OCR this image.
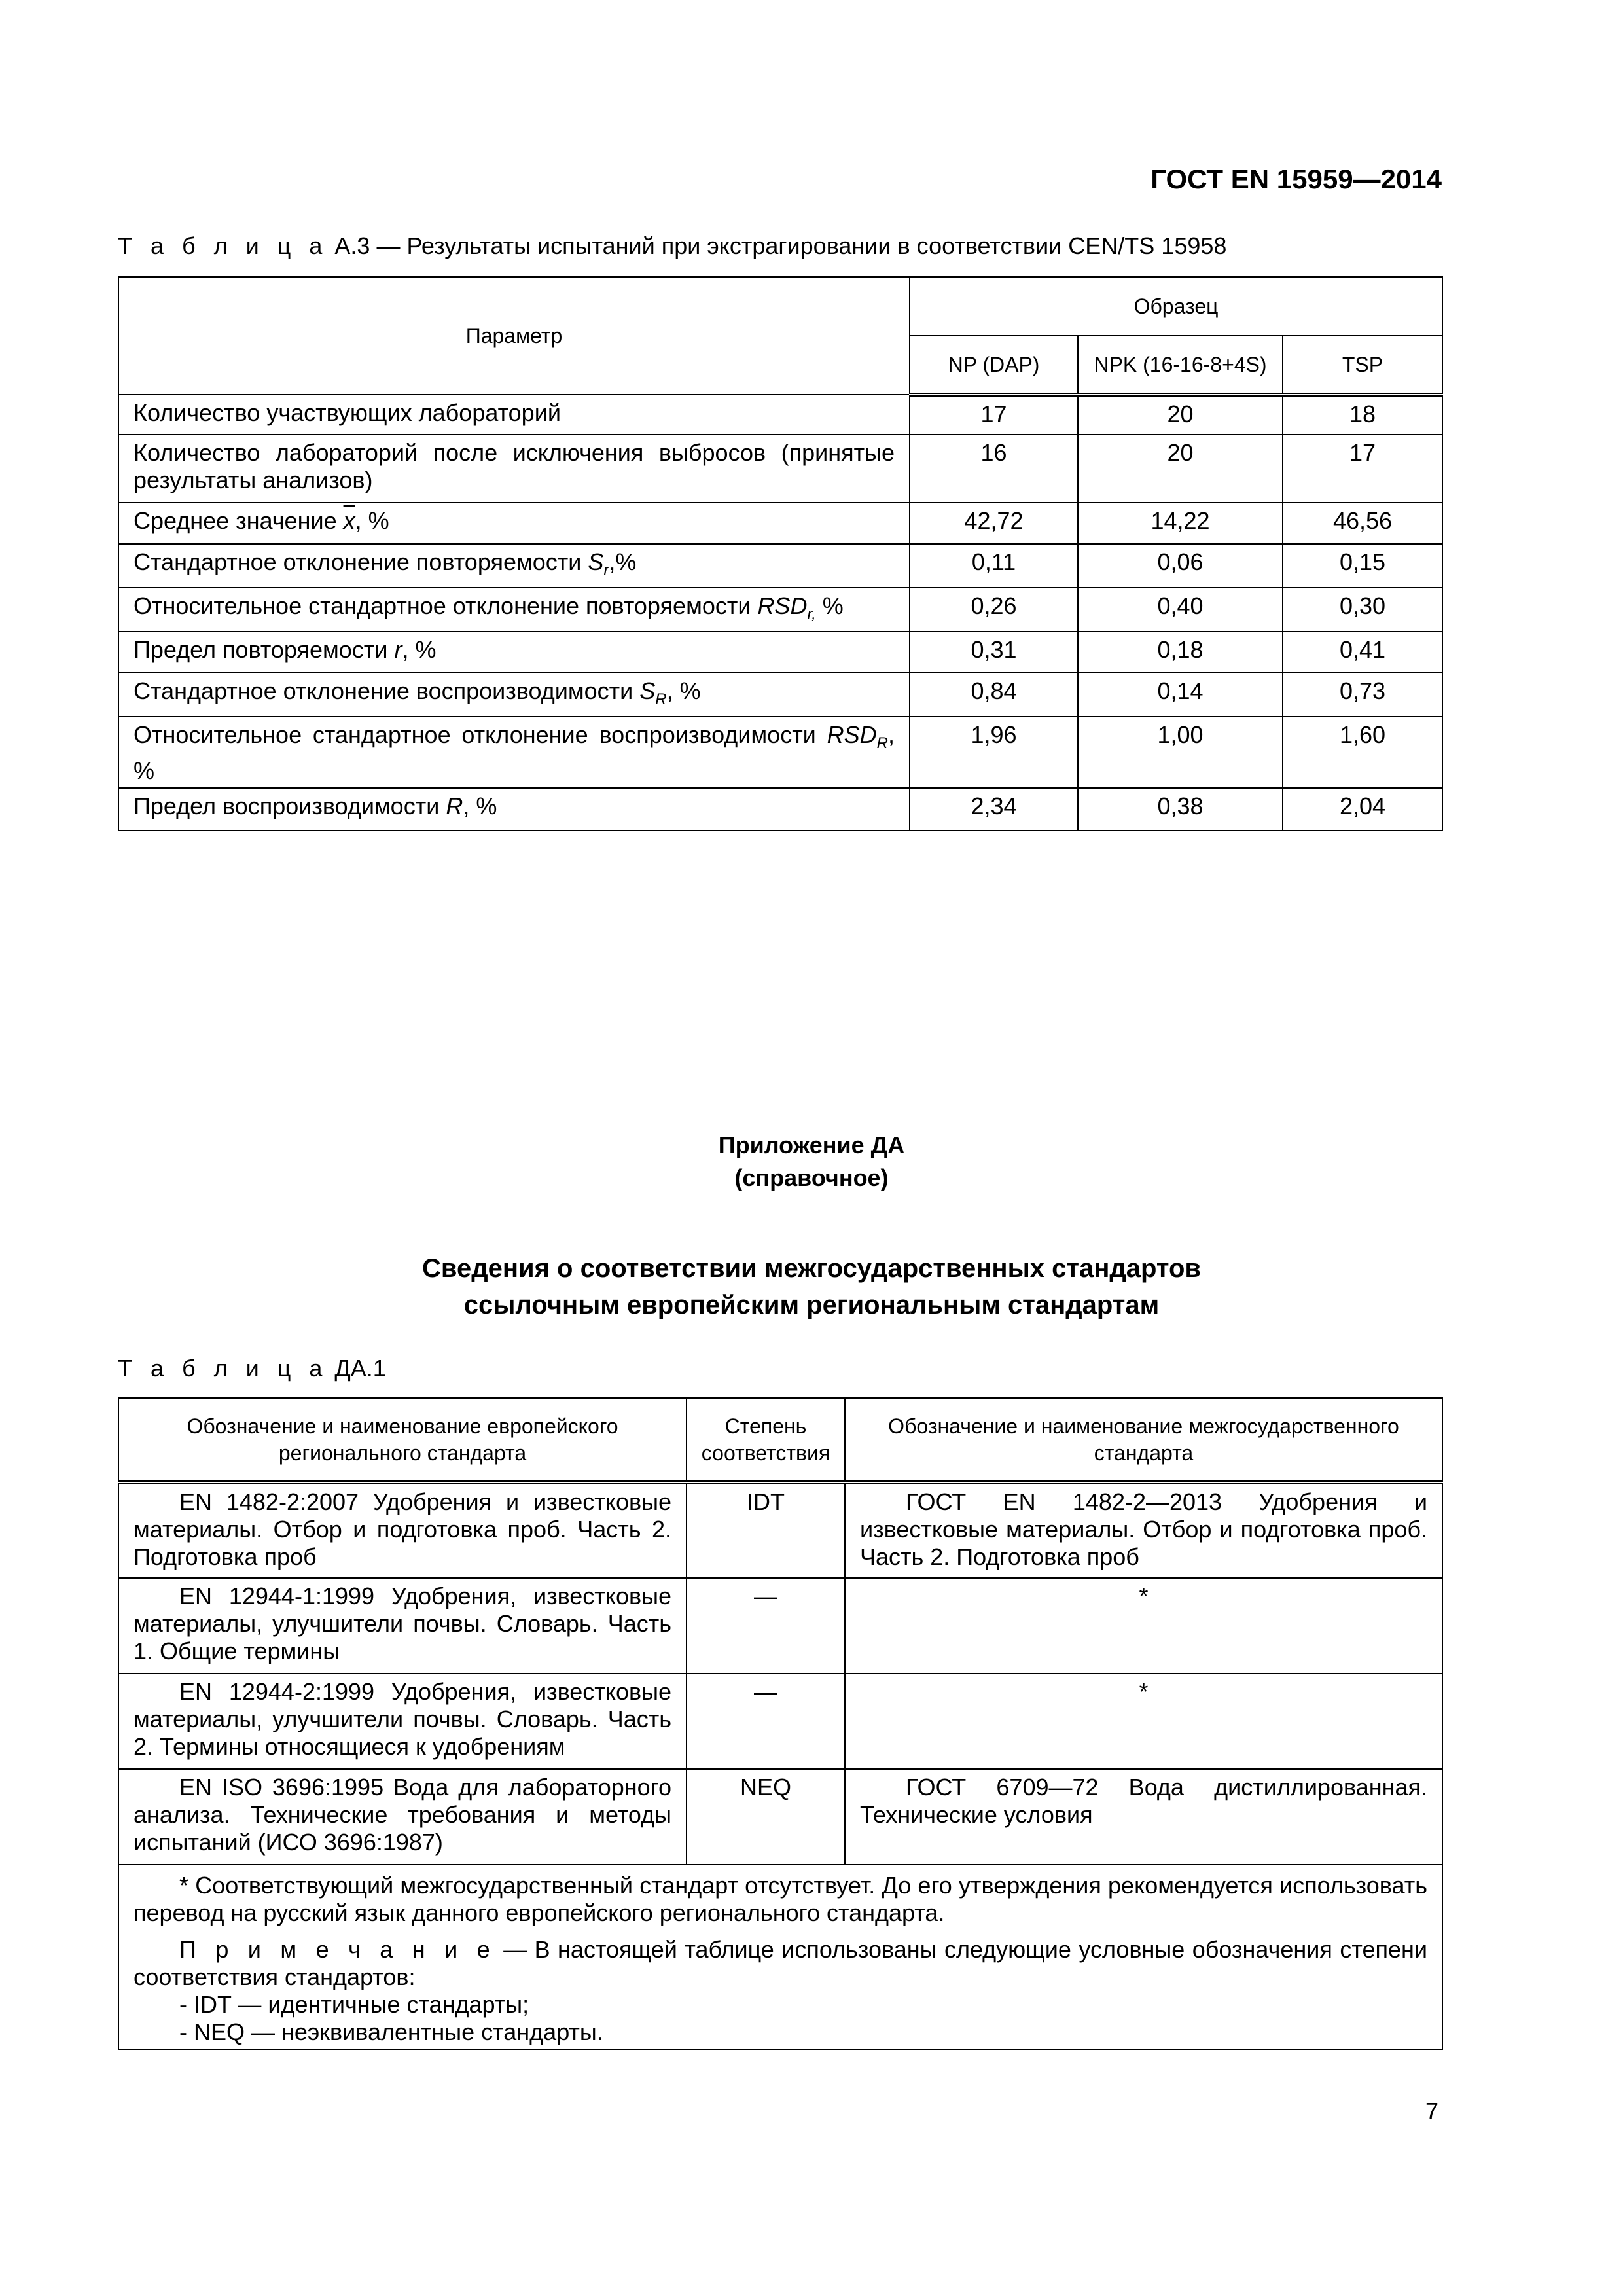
ГОСТ EN 15959—2014
Т а б л и ц а А.3 — Результаты испытаний при экстрагировании в соответствии CEN/TS 15958
Параметр	Образец		
	NP (DAP)	NPK (16-16-8+4S)	TSP
Количество участвующих лабораторий	17	20	18
Количество лабораторий после исключения выбросов (принятые результаты анализов)	16	20	17
Среднее значение $\overline{x}$, %	42,72	14,22	46,56
Стандартное отклонение повторяемости $S_r,\%$	0,11	0,06	0,15
Относительное стандартное отклонение повторяемости $RSD_{r,}$ %	0,26	0,40	0,30
Предел повторяемости r, %	0,31	0,18	0,41
Стандартное отклонение воспроизводимости $S_R$, %	0,84	0,14	0,73
Относительное стандартное отклонение воспроизводимости $RSD_R$, %	1,96	1,00	1,60
Предел воспроизводимости R, %	2,34	0,38	2,04
Приложение ДА
(справочное)
Сведения о соответствии межгосударственных стандартов
ссылочным европейским региональным стандартам
Т а б л и ц а ДА.1
Обозначение и наименование европейского регионального стандарта	Степень соответствия	Обозначение и наименование межгосударственного стандарта
EN 1482-2:2007 Удобрения и известковые материалы. Отбор и подготовка проб. Часть 2. Подготовка проб	IDT	ГОСТ EN 1482-2—2013 Удобрения и известковые материалы. Отбор и подготовка проб. Часть 2. Подготовка проб
EN 12944-1:1999 Удобрения, известковые материалы, улучшители почвы. Словарь. Часть 1. Общие термины	—	*
EN 12944-2:1999 Удобрения, известковые материалы, улучшители почвы. Словарь. Часть 2. Термины относящиеся к удобрениям	—	*
EN ISO 3696:1995 Вода для лабораторного анализа. Технические требования и методы испытаний (ИСО 3696:1987)	NEQ	ГОСТ 6709—72 Вода дистиллированная. Технические условия

* Соответствующий межгосударственный стандарт отсутствует. До его утверждения рекомендуется использовать перевод на русский язык данного европейского регионального стандарта.

П р и м е ч а н и е — В настоящей таблице использованы следующие условные обозначения степени соответствия стандартов:

- IDT — идентичные стандарты;
- NEQ — неэквивалентные стандарты.		
7
